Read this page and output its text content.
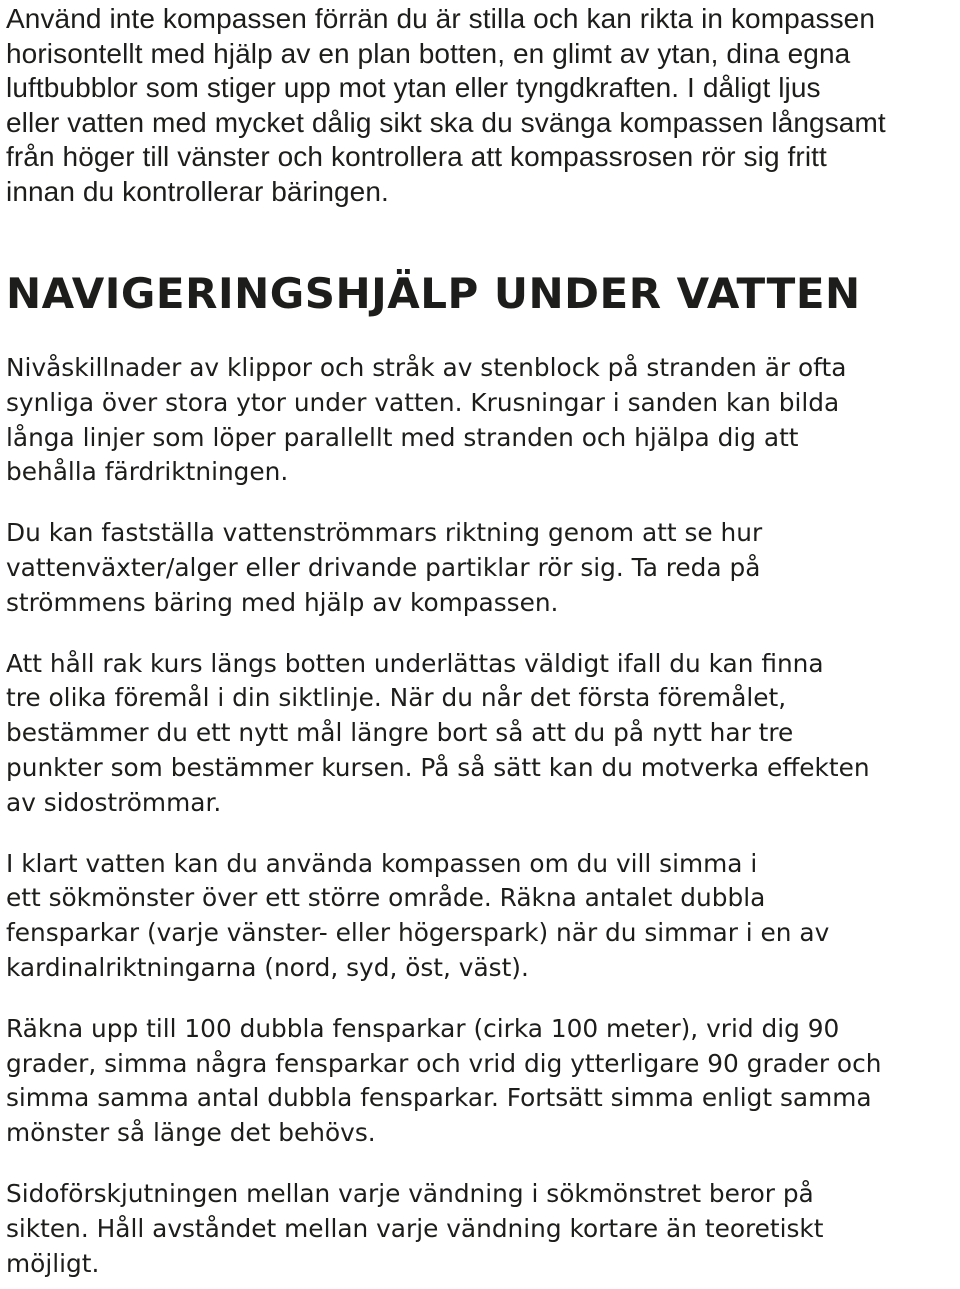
Använd inte kompassen förrän du är stilla och kan rikta in kompassen
horisontellt med hjälp av en plan botten, en glimt av ytan, dina egna
luftbubblor som stiger upp mot ytan eller tyngdkraften. I dåligt ljus
eller vatten med mycket dålig sikt ska du svänga kompassen långsamt
från höger till vänster och kontrollera att kompassrosen rör sig fritt
innan du kontrollerar bäringen.

NAVIGERINGSHJÄLP UNDER VATTEN

Nivåskillnader av klippor och stråk av stenblock på stranden är ofta
synliga över stora ytor under vatten. Krusningar i sanden kan bilda
långa linjer som löper parallellt med stranden och hjälpa dig att
behålla färdriktningen.

Du kan fastställa vattenströmmars riktning genom att se hur
vattenväxter/alger eller drivande partiklar rör sig. Ta reda på
strömmens bäring med hjälp av kompassen.

Att håll rak kurs längs botten underlättas väldigt ifall du kan finna
tre olika föremål i din siktlinje. När du når det första föremålet,
bestämmer du ett nytt mål längre bort så att du på nytt har tre
punkter som bestämmer kursen. På så sätt kan du motverka effekten
av sidoströmmar.

I klart vatten kan du använda kompassen om du vill simma i
ett sökmönster över ett större område. Räkna antalet dubbla
fensparkar (varje vänster- eller högerspark) när du simmar i en av
kardinalriktningarna (nord, syd, öst, väst).

Räkna upp till 100 dubbla fensparkar (cirka 100 meter), vrid dig 90
grader, simma några fensparkar och vrid dig ytterligare 90 grader och
simma samma antal dubbla fensparkar. Fortsätt simma enligt samma
mönster så länge det behövs.

Sidoförskjutningen mellan varje vändning i sökmönstret beror på
sikten. Håll avståndet mellan varje vändning kortare än teoretiskt
möjligt.
